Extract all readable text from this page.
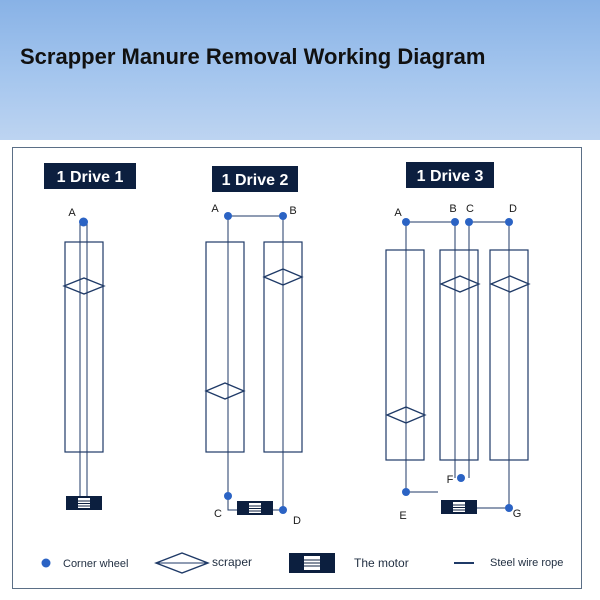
Scrapper Manure Removal Working Diagram
1 Drive 1
A
1 Drive 2
A	B
C
D
1 Drive 3
A	B C	D
E
F
G
Corner wheel	scraper	The motor	Steel wire rope
